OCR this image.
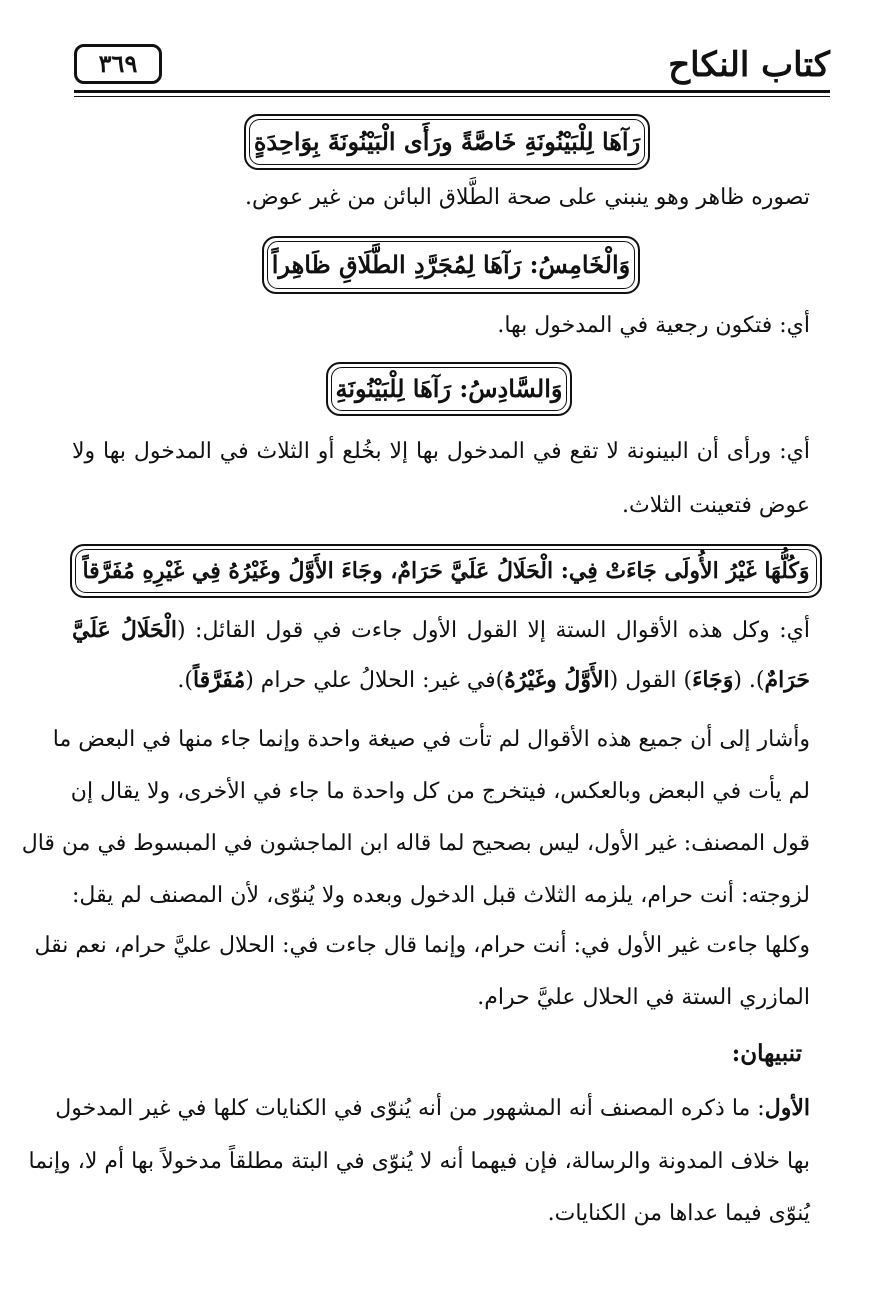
كتاب النكاح
٣٦٩
رَآهَا لِلْبَيْنُونَةِ خَاصَّةً ورَأَى الْبَيْنُونَةَ بِوَاحِدَةٍ
تصوره ظاهر وهو ينبني على صحة الطَّلاق البائن من غير عوض.
وَالْخَامِسُ: رَآهَا لِمُجَرَّدِ الطَّلَاقِ ظَاهِراً
أي: فتكون رجعية في المدخول بها.
وَالسَّادِسُ: رَآهَا لِلْبَيْنُونَةِ
أي: ورأى أن البينونة لا تقع في المدخول بها إلا بخُلع أو الثلاث في المدخول بها ولا
عوض فتعينت الثلاث.
وَكُلُّهَا غَيْرُ الأُولَى جَاءَتْ فِي: الْحَلَالُ عَلَيَّ حَرَامٌ، وجَاءَ الأَوَّلُ وغَيْرُهُ فِي غَيْرِهِ مُفَرَّقاً
أي: وكل هذه الأقوال الستة إلا القول الأول جاءت في قول القائل: (الْحَلَالُ عَلَيَّ
حَرَامٌ). (وَجَاءَ) القول (الأَوَّلُ وغَيْرُهُ)في غير: الحلالُ علي حرام (مُفَرَّقاً).
وأشار إلى أن جميع هذه الأقوال لم تأت في صيغة واحدة وإنما جاء منها في البعض ما
لم يأت في البعض وبالعكس، فيتخرج من كل واحدة ما جاء في الأخرى، ولا يقال إن
قول المصنف: غير الأول، ليس بصحيح لما قاله ابن الماجشون في المبسوط في من قال
لزوجته: أنت حرام، يلزمه الثلاث قبل الدخول وبعده ولا يُنوّى، لأن المصنف لم يقل:
وكلها جاءت غير الأول في: أنت حرام، وإنما قال جاءت في: الحلال عليَّ حرام، نعم نقل
المازري الستة في الحلال عليَّ حرام.
تنبيهان:
الأول: ما ذكره المصنف أنه المشهور من أنه يُنوّى في الكنايات كلها في غير المدخول
بها خلاف المدونة والرسالة، فإن فيهما أنه لا يُنوّى في البتة مطلقاً مدخولاً بها أم لا، وإنما
يُنوّى فيما عداها من الكنايات.
